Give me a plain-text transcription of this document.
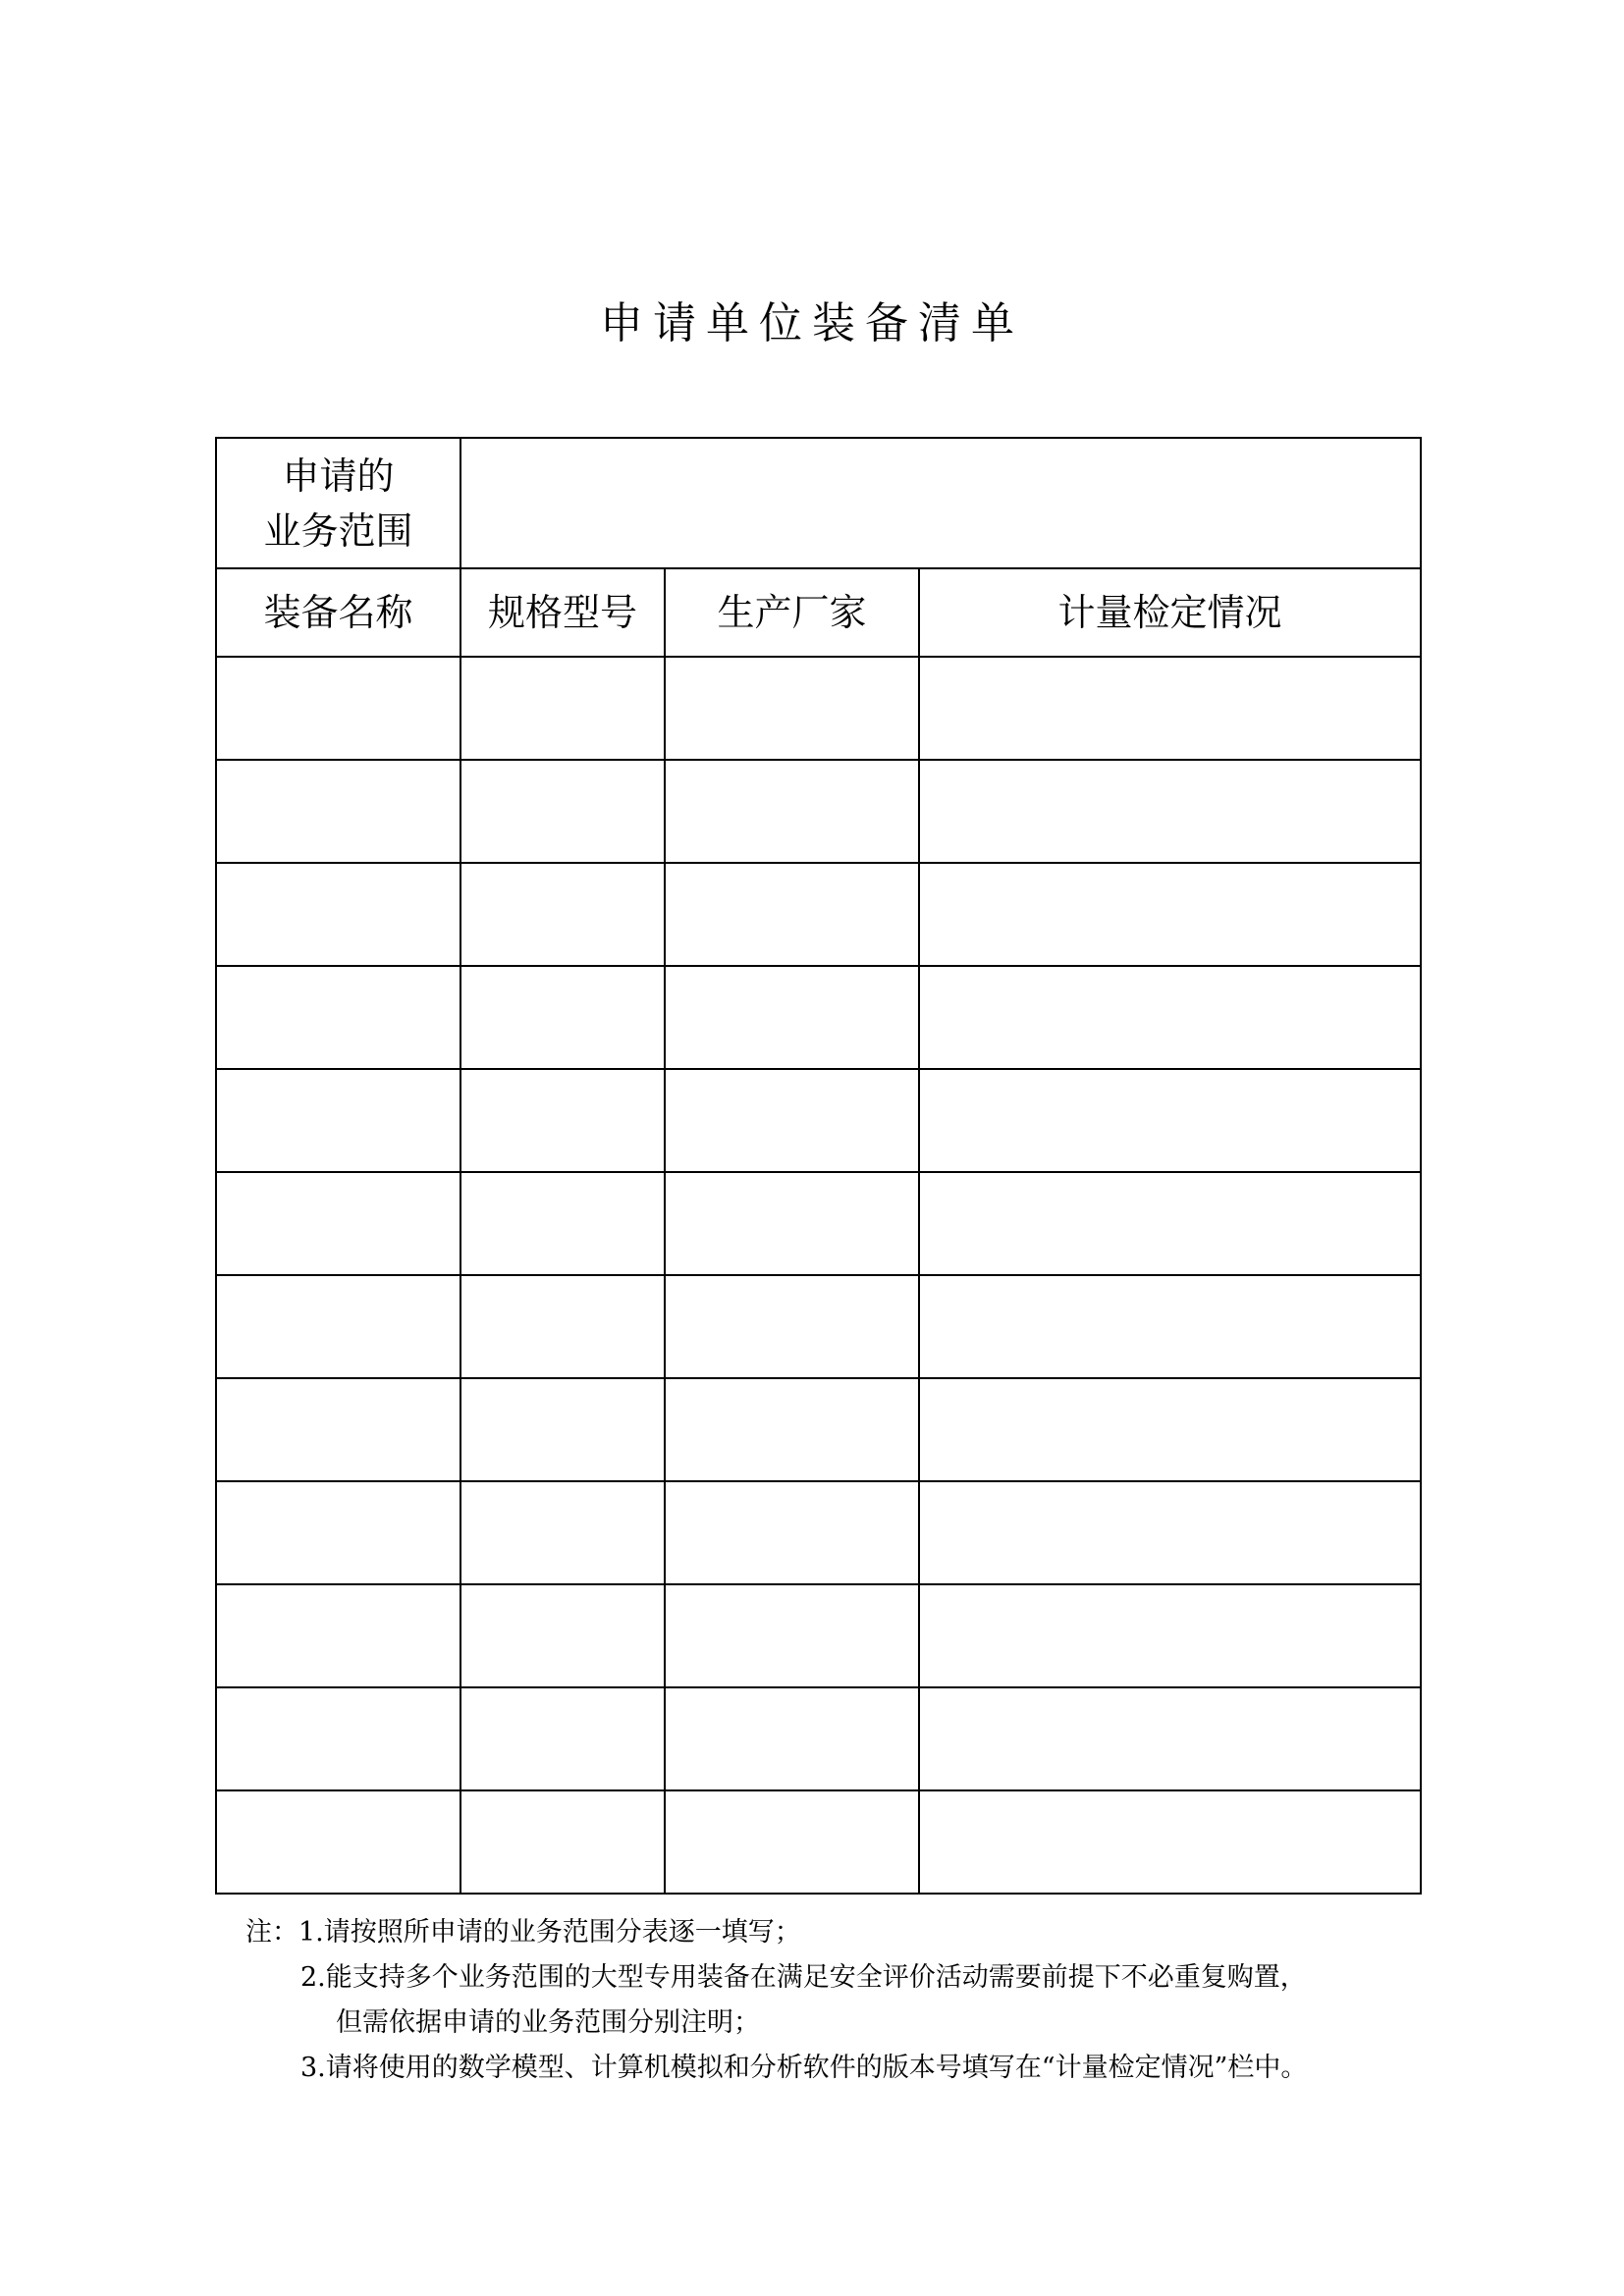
申请单位装备清单
申请的
业务范围			

装备名称	规格型号	生产厂家	计量检定情况

注：1.请按照所申请的业务范围分表逐一填写；
2.能支持多个业务范围的大型专用装备在满足安全评价活动需要前提下不必重复购置，
但需依据申请的业务范围分别注明；
3.请将使用的数学模型、计算机模拟和分析软件的版本号填写在“计量检定情况”栏中。
